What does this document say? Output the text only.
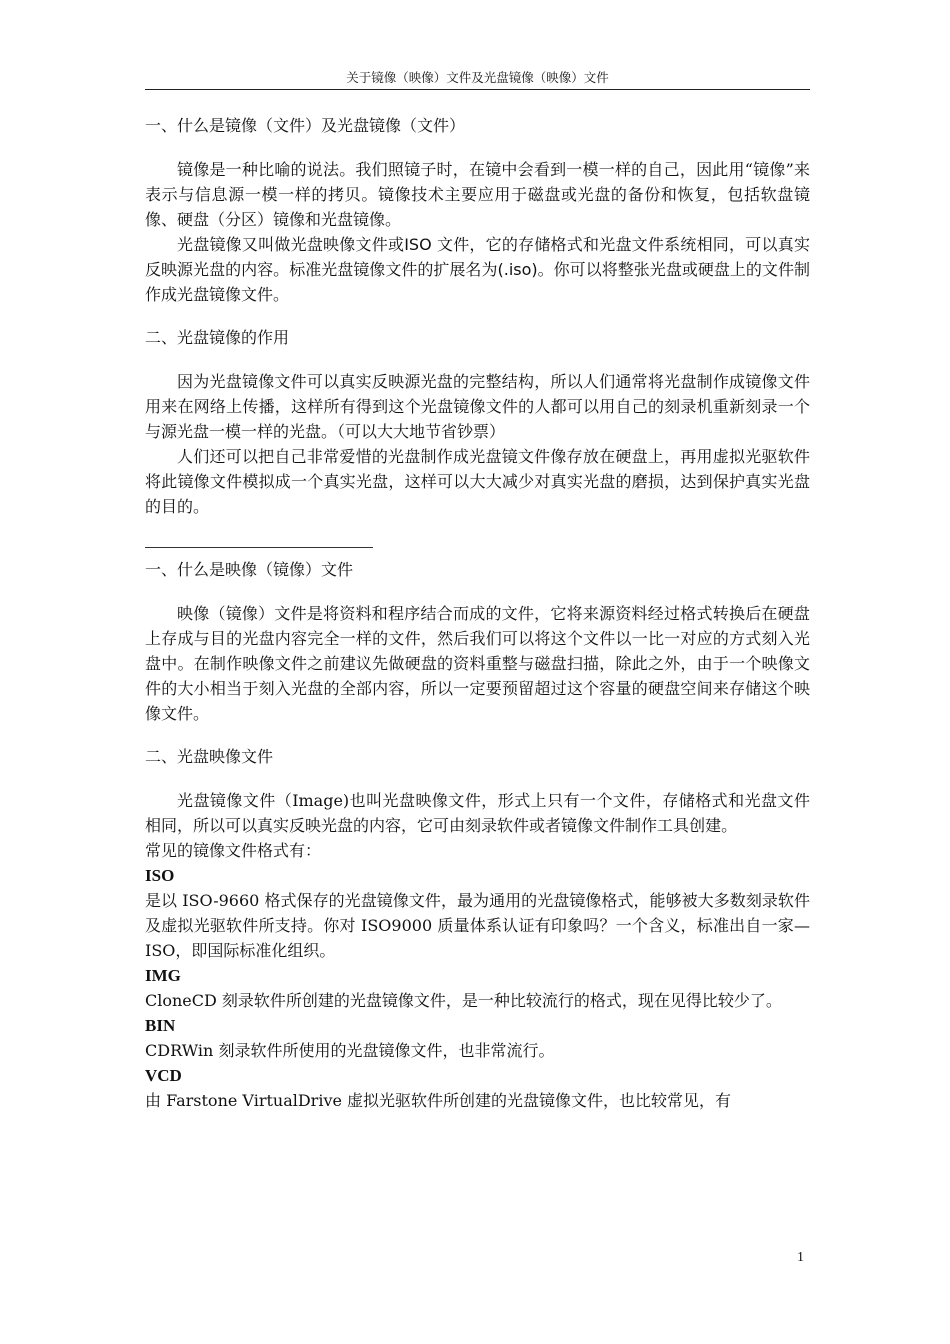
关于镜像（映像）文件及光盘镜像（映像）文件

一、什么是镜像（文件）及光盘镜像（文件）

镜像是一种比喻的说法。我们照镜子时，在镜中会看到一模一样的自己，因此用“镜像”来表示与信息源一模一样的拷贝。镜像技术主要应用于磁盘或光盘的备份和恢复，包括软盘镜像、硬盘（分区）镜像和光盘镜像。

光盘镜像又叫做光盘映像文件或ISO 文件，它的存储格式和光盘文件系统相同，可以真实反映源光盘的内容。标准光盘镜像文件的扩展名为(.iso)。你可以将整张光盘或硬盘上的文件制作成光盘镜像文件。

二、光盘镜像的作用

因为光盘镜像文件可以真实反映源光盘的完整结构，所以人们通常将光盘制作成镜像文件用来在网络上传播，这样所有得到这个光盘镜像文件的人都可以用自己的刻录机重新刻录一个与源光盘一模一样的光盘。（可以大大地节省钞票）

人们还可以把自己非常爱惜的光盘制作成光盘镜文件像存放在硬盘上，再用虚拟光驱软件将此镜像文件模拟成一个真实光盘，这样可以大大减少对真实光盘的磨损，达到保护真实光盘的目的。

一、什么是映像（镜像）文件

映像（镜像）文件是将资料和程序结合而成的文件，它将来源资料经过格式转换后在硬盘上存成与目的光盘内容完全一样的文件，然后我们可以将这个文件以一比一对应的方式刻入光盘中。在制作映像文件之前建议先做硬盘的资料重整与磁盘扫描，除此之外，由于一个映像文件的大小相当于刻入光盘的全部内容，所以一定要预留超过这个容量的硬盘空间来存储这个映像文件。

二、光盘映像文件

光盘镜像文件（Image)也叫光盘映像文件，形式上只有一个文件，存储格式和光盘文件相同，所以可以真实反映光盘的内容，它可由刻录软件或者镜像文件制作工具创建。

常见的镜像文件格式有：

ISO

是以 ISO-9660 格式保存的光盘镜像文件，最为通用的光盘镜像格式，能够被大多数刻录软件及虚拟光驱软件所支持。你对 ISO9000 质量体系认证有印象吗？一个含义，标准出自一家—ISO，即国际标准化组织。

IMG

CloneCD 刻录软件所创建的光盘镜像文件，是一种比较流行的格式，现在见得比较少了。

BIN

CDRWin 刻录软件所使用的光盘镜像文件，也非常流行。

VCD

由 Farstone VirtualDrive 虚拟光驱软件所创建的光盘镜像文件，也比较常见，有

1
